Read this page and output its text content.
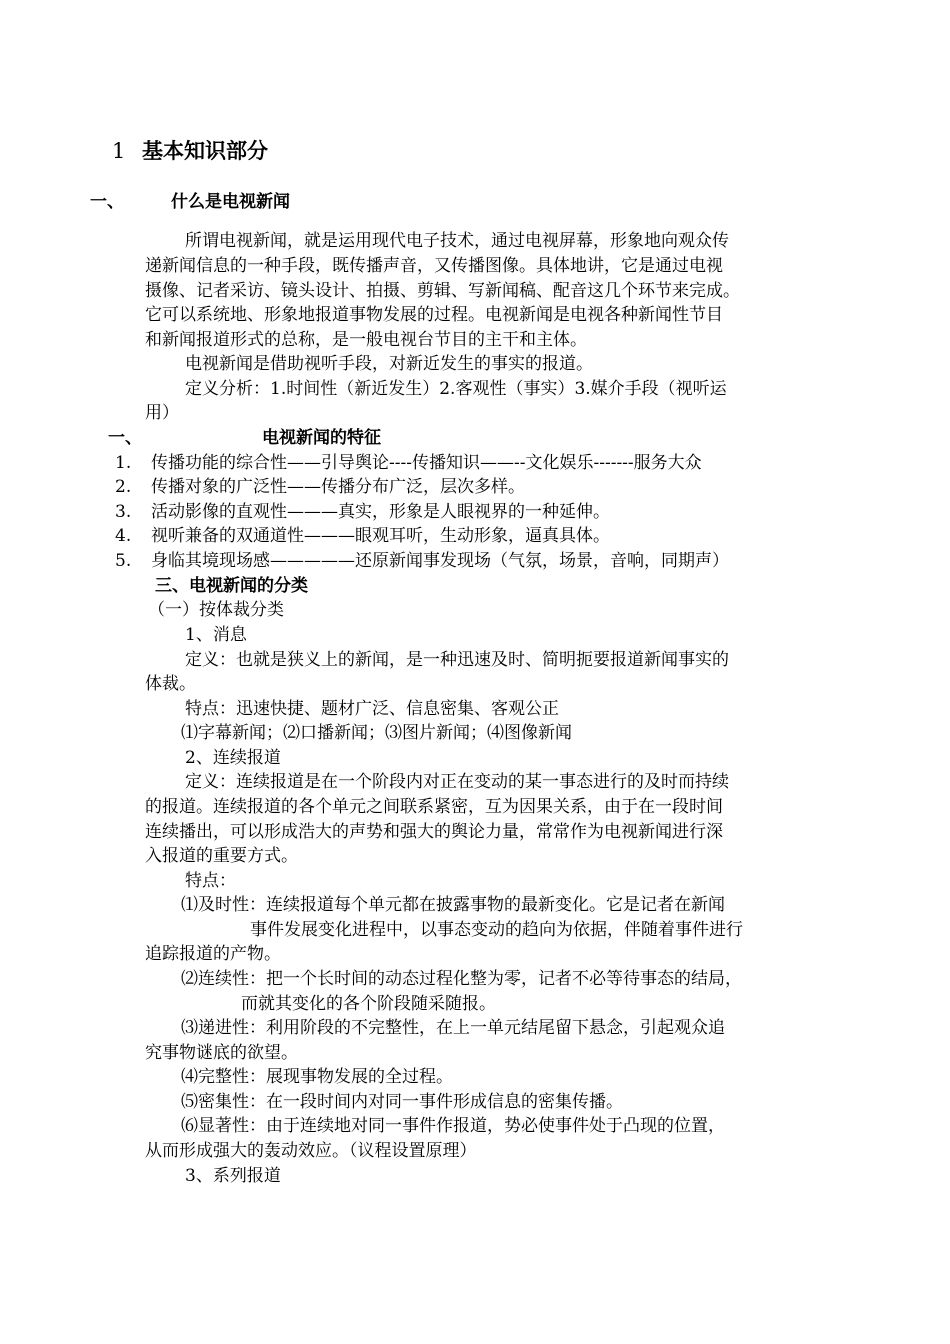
1 基本知识部分
一、	什么是电视新闻
所谓电视新闻，就是运用现代电子技术，通过电视屏幕，形象地向观众传
递新闻信息的一种手段，既传播声音，又传播图像。具体地讲，它是通过电视
摄像、记者采访、镜头设计、拍摄、剪辑、写新闻稿、配音这几个环节来完成。
它可以系统地、形象地报道事物发展的过程。电视新闻是电视各种新闻性节目
和新闻报道形式的总称，是一般电视台节目的主干和主体。
电视新闻是借助视听手段，对新近发生的事实的报道。
定义分析：1.时间性（新近发生）2.客观性（事实）3.媒介手段（视听运
用）
一、	电视新闻的特征
1. 传播功能的综合性——引导舆论----传播知识——--文化娱乐-------服务大众
2. 传播对象的广泛性——传播分布广泛，层次多样。
3. 活动影像的直观性———真实，形象是人眼视界的一种延伸。
4. 视听兼备的双通道性———眼观耳听，生动形象，逼真具体。
5. 身临其境现场感—————还原新闻事发现场（气氛，场景，音响，同期声）
三、电视新闻的分类
（一）按体裁分类
1、消息
定义：也就是狭义上的新闻，是一种迅速及时、简明扼要报道新闻事实的
体裁。
特点：迅速快捷、题材广泛、信息密集、客观公正
⑴字幕新闻；⑵口播新闻；⑶图片新闻；⑷图像新闻
2、连续报道
定义：连续报道是在一个阶段内对正在变动的某一事态进行的及时而持续
的报道。连续报道的各个单元之间联系紧密，互为因果关系，由于在一段时间
连续播出，可以形成浩大的声势和强大的舆论力量，常常作为电视新闻进行深
入报道的重要方式。
特点：
⑴及时性：连续报道每个单元都在披露事物的最新变化。它是记者在新闻
事件发展变化进程中，以事态变动的趋向为依据，伴随着事件进行
追踪报道的产物。
⑵连续性：把一个长时间的动态过程化整为零，记者不必等待事态的结局，
而就其变化的各个阶段随采随报。
⑶递进性：利用阶段的不完整性，在上一单元结尾留下悬念，引起观众追
究事物谜底的欲望。
⑷完整性：展现事物发展的全过程。
⑸密集性：在一段时间内对同一事件形成信息的密集传播。
⑹显著性：由于连续地对同一事件作报道，势必使事件处于凸现的位置，
从而形成强大的轰动效应。（议程设置原理）
3、系列报道
